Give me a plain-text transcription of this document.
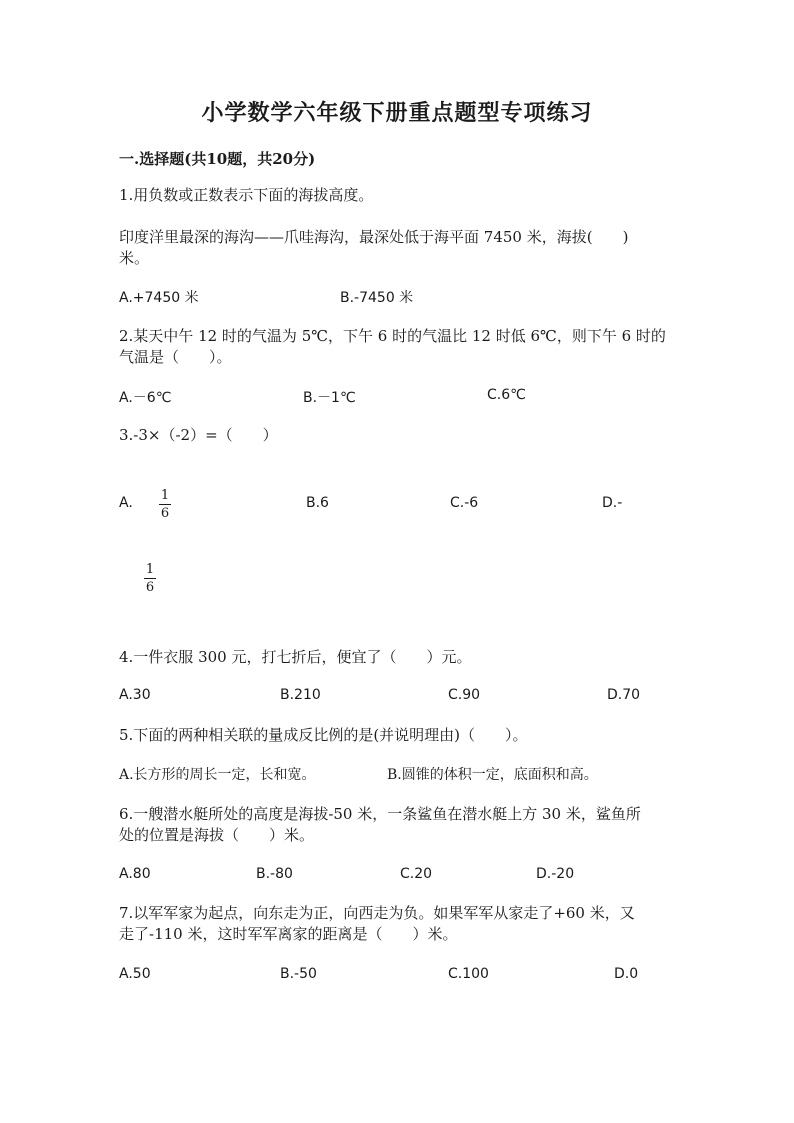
小学数学六年级下册重点题型专项练习
一.选择题(共10题，共20分)
1.用负数或正数表示下面的海拔高度。
印度洋里最深的海沟——爪哇海沟，最深处低于海平面 7450 米，海拔(　　)
米。
A.+7450 米	B.-7450 米
2.某天中午 12 时的气温为 5℃，下午 6 时的气温比 12 时低 6℃，则下午 6 时的
气温是（　　）。
A.－6℃	B.－1℃	C.6℃
3.-3×（-2）=（　　）
A. 1
6
B.6	C.-6	D.-
1
6
4.一件衣服 300 元，打七折后，便宜了（　　）元。
A.30	B.210	C.90	D.70
5.下面的两种相关联的量成反比例的是(并说明理由)（　　）。
A.长方形的周长一定，长和宽。	B.圆锥的体积一定，底面积和高。
6.一艘潜水艇所处的高度是海拔-50 米，一条鲨鱼在潜水艇上方 30 米，鲨鱼所
处的位置是海拔（　　）米。
A.80	B.-80	C.20	D.-20
7.以军军家为起点，向东走为正，向西走为负。如果军军从家走了+60 米，又
走了-110 米，这时军军离家的距离是（　　）米。
A.50	B.-50	C.100	D.0
